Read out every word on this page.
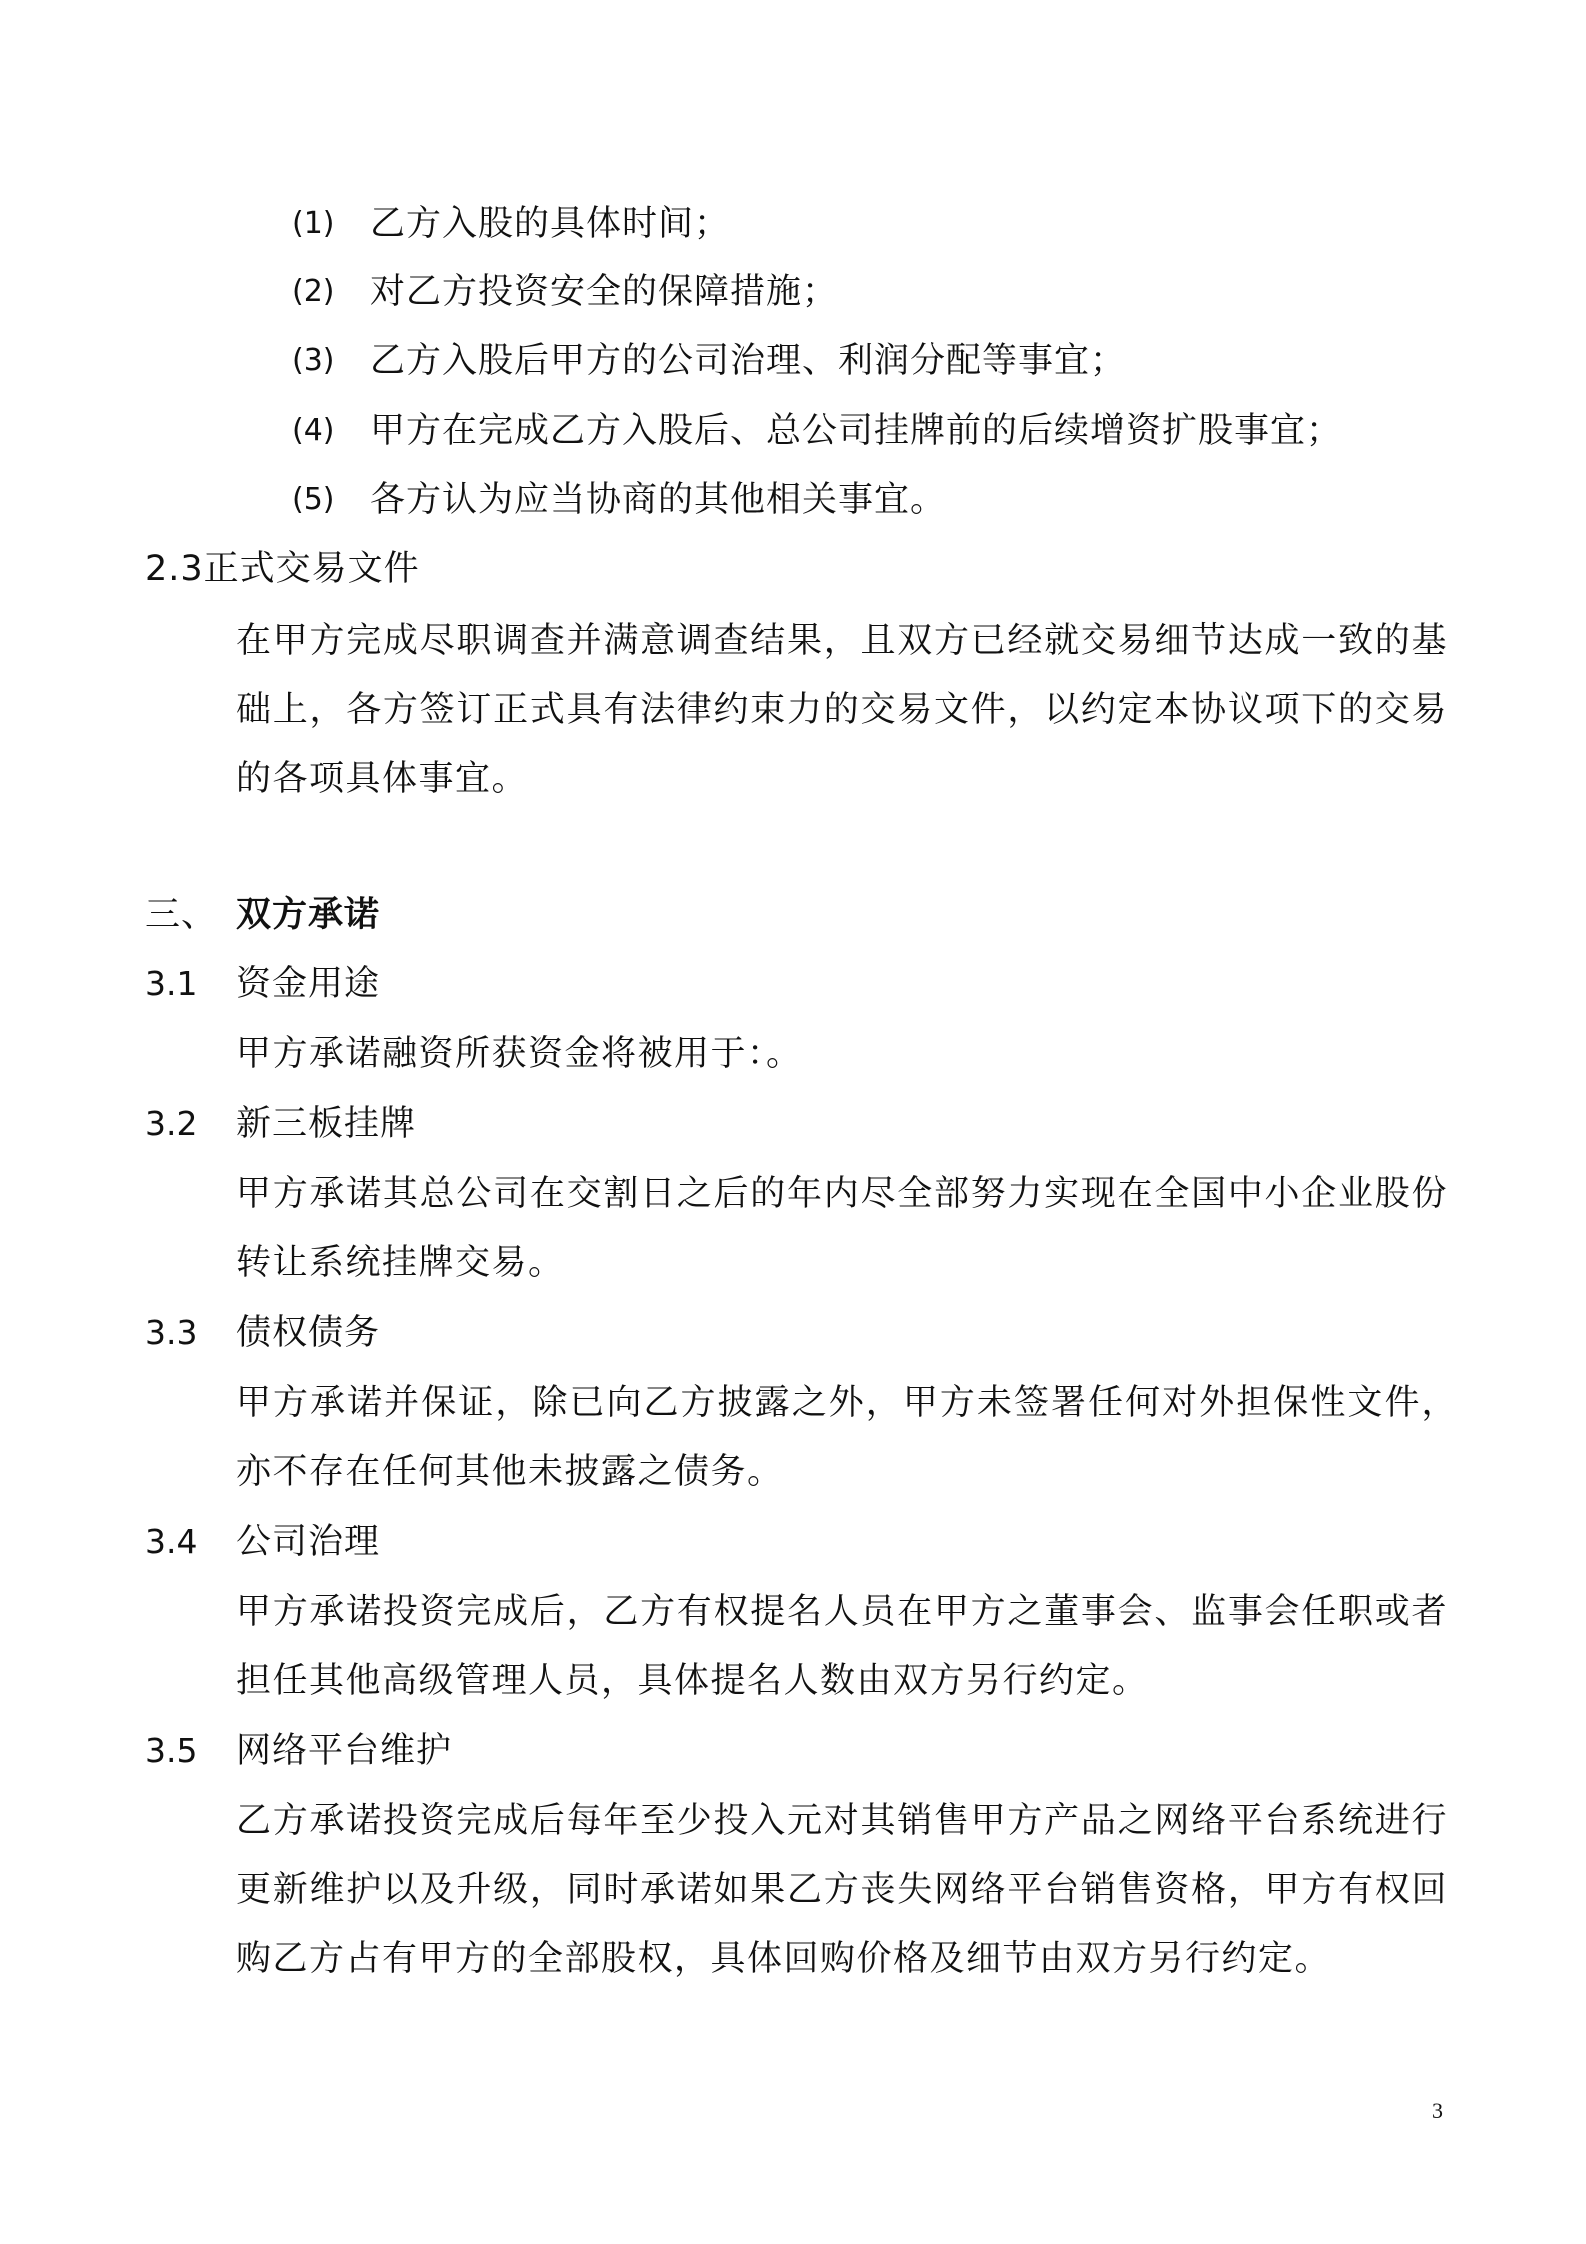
(1) 乙方入股的具体时间；
(2) 对乙方投资安全的保障措施；
(3) 乙方入股后甲方的公司治理、利润分配等事宜；
(4) 甲方在完成乙方入股后、总公司挂牌前的后续增资扩股事宜；
(5) 各方认为应当协商的其他相关事宜。
2.3正式交易文件
在甲方完成尽职调查并满意调查结果，且双方已经就交易细节达成一致的基础上，各方签订正式具有法律约束力的交易文件，以约定本协议项下的交易的各项具体事宜。
三、 双方承诺
3.1 资金用途
甲方承诺融资所获资金将被用于：。
3.2 新三板挂牌
甲方承诺其总公司在交割日之后的年内尽全部努力实现在全国中小企业股份转让系统挂牌交易。
3.3 债权债务
甲方承诺并保证，除已向乙方披露之外，甲方未签署任何对外担保性文件，亦不存在任何其他未披露之债务。
3.4 公司治理
甲方承诺投资完成后，乙方有权提名人员在甲方之董事会、监事会任职或者担任其他高级管理人员，具体提名人数由双方另行约定。
3.5 网络平台维护
乙方承诺投资完成后每年至少投入元对其销售甲方产品之网络平台系统进行更新维护以及升级，同时承诺如果乙方丧失网络平台销售资格，甲方有权回购乙方占有甲方的全部股权，具体回购价格及细节由双方另行约定。
3
